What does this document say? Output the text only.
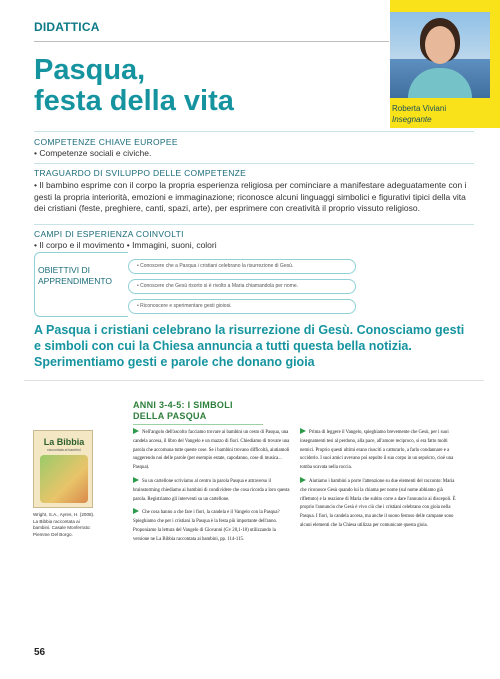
DIDATTICA
Roberta Viviani
Insegnante
Pasqua,
festa della vita
COMPETENZE CHIAVE EUROPEE
• Competenze sociali e civiche.
TRAGUARDO DI SVILUPPO DELLE COMPETENZE
• Il bambino esprime con il corpo la propria esperienza religiosa per cominciare a manifestare adeguatamente con i gesti la propria interiorità, emozioni e immaginazione; riconosce alcuni linguaggi simbolici e figurativi tipici della vita dei cristiani (feste, preghiere, canti, spazi, arte), per esprimere con creatività il proprio vissuto religioso.
CAMPI DI ESPERIENZA COINVOLTI
• Il corpo e il movimento • Immagini, suoni, colori
OBIETTIVI DI
APPRENDIMENTO
• Conoscere che a Pasqua i cristiani celebrano la risurrezione di Gesù.
• Conoscere che Gesù risorto si è rivolto a Maria chiamandola per nome.
• Riconoscere e sperimentare gesti gioiosi.
A Pasqua i cristiani celebrano la risurrezione di Gesù. Conosciamo gesti e simboli con cui la Chiesa annuncia a tutti questa bella notizia. Sperimentiamo gesti e parole che donano gioia
ANNI 3-4-5: I SIMBOLI
DELLA PASQUA
La Bibbia
raccontata ai bambini
Wright, S.A., Ayres, H. (2008). La Bibbia raccontata ai bambini. Casale Monferrato: Piemme Del Borgo.

Nell'angolo dell'ascolto facciamo trovare ai bambini un cesto di Pasqua, una candela accesa, il libro del Vangelo e un mazzo di fiori. Chiediamo di trovare una parola che accomuna tutte queste cose. Se i bambini trovano difficoltà, aiutiamoli suggerendo noi delle parole (per esempio estate, capodanno, cose di musica... Pasqua).

Su un cartellone scriviamo al centro la parola Pasqua e attraverso il brainstorming chiediamo ai bambini di condividere che cosa ricorda a loro questa parola. Registriamo gli interventi su un cartellone.

Che cosa hanno a che fare i fiori, la candela e il Vangelo con la Pasqua? Spieghiamo che per i cristiani la Pasqua è la festa più importante dell'anno. Proponiamo la lettura del Vangelo di Giovanni (Gv 20,1-18) utilizzando la versione ne La Bibbia raccontata ai bambini, pp. 114-115.

Prima di leggere il Vangelo, spieghiamo brevemente che Gesù, per i suoi insegnamenti tesi al perdono, alla pace, all'amore reciproco, si era fatto molti nemici. Proprio questi ultimi erano riusciti a catturarlo, a farlo condannare e a ucciderlo. I suoi amici avevano poi sepolto il suo corpo in un sepolcro, cioè una tomba scavata nella roccia.

Aiutiamo i bambini a porre l'attenzione su due elementi del racconto: Maria che riconosce Gesù quando lui la chiama per nome (sul nome abbiamo già riflettuto) e la reazione di Maria che subito corre a dare l'annuncio ai discepoli. È proprio l'annuncio che Gesù è vivo ciò che i cristiani celebrano con gioia nella Pasqua. I fiori, la candela accesa, ma anche il suono festoso delle campane sono alcuni elementi che la Chiesa utilizza per comunicare questa gioia.

56
